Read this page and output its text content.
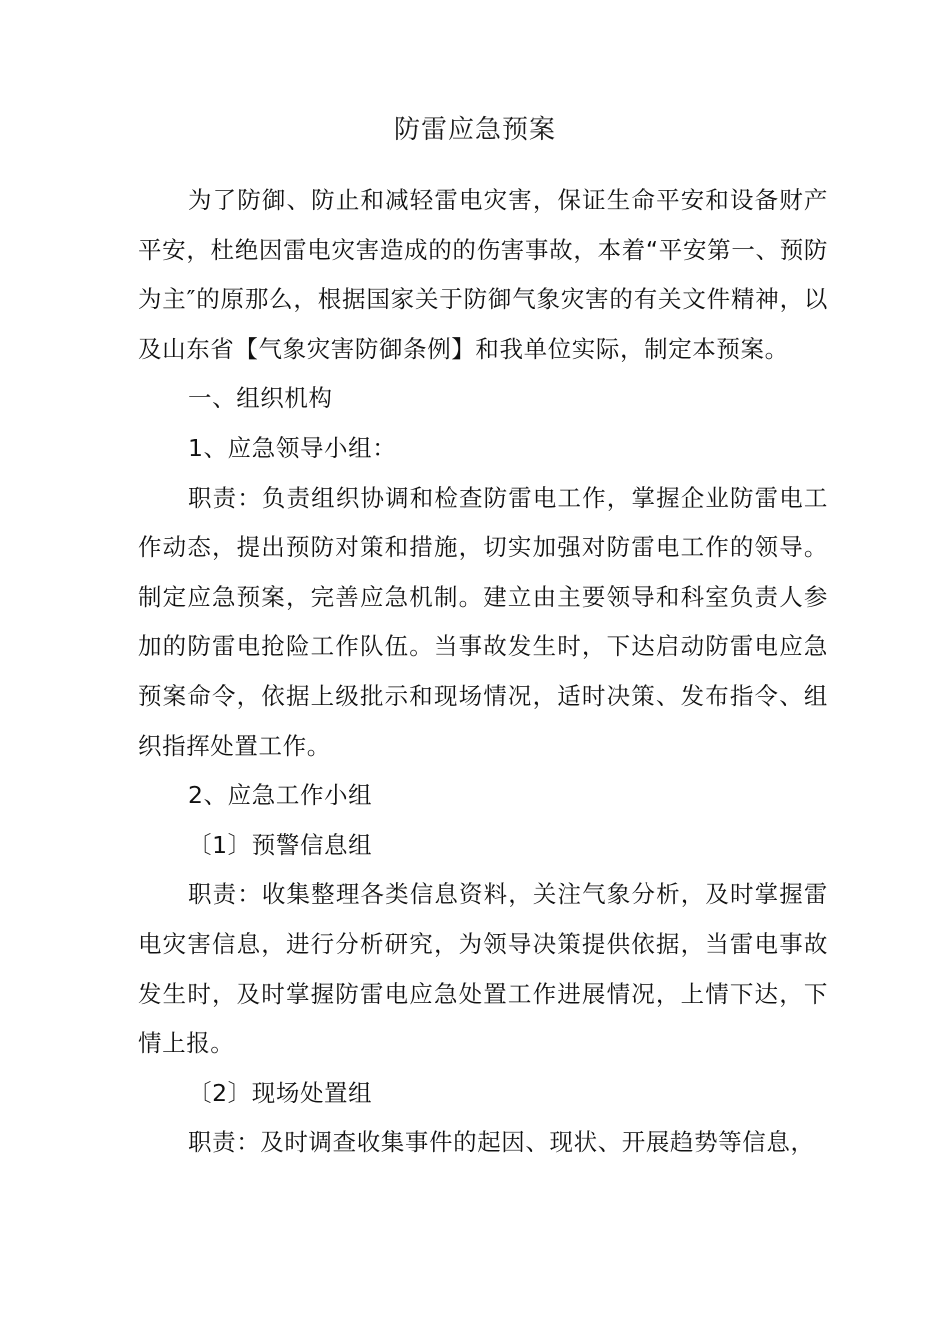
防雷应急预案

为了防御、防止和减轻雷电灾害，保证生命平安和设备财产平安，杜绝因雷电灾害造成的的伤害事故，本着“平安第一、预防为主″的原那么，根据国家关于防御气象灾害的有关文件精神，以及山东省【气象灾害防御条例】和我单位实际，制定本预案。

一、组织机构

1、应急领导小组：

职责：负责组织协调和检查防雷电工作，掌握企业防雷电工作动态，提出预防对策和措施，切实加强对防雷电工作的领导。制定应急预案，完善应急机制。建立由主要领导和科室负责人参加的防雷电抢险工作队伍。当事故发生时，下达启动防雷电应急预案命令，依据上级批示和现场情况，适时决策、发布指令、组织指挥处置工作。

2、应急工作小组

〔1〕预警信息组

职责：收集整理各类信息资料，关注气象分析，及时掌握雷电灾害信息，进行分析研究，为领导决策提供依据，当雷电事故发生时，及时掌握防雷电应急处置工作进展情况，上情下达，下情上报。

〔2〕现场处置组

职责：及时调查收集事件的起因、现状、开展趋势等信息，
